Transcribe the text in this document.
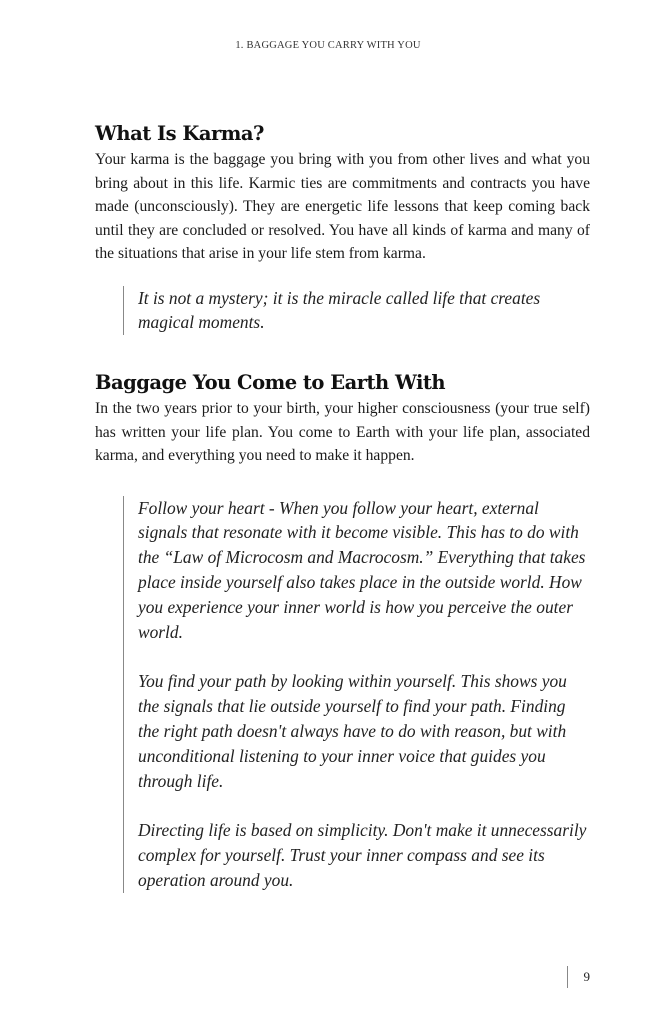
1. BAGGAGE YOU CARRY WITH YOU
What Is Karma?

Your karma is the baggage you bring with you from other lives and what you bring about in this life. Karmic ties are commitments and contracts you have made (unconsciously). They are energetic life lessons that keep coming back until they are concluded or resolved. You have all kinds of karma and many of the situations that arise in your life stem from karma.

It is not a mystery; it is the miracle called life that creates magical moments.

Baggage You Come to Earth With

In the two years prior to your birth, your higher consciousness (your true self) has written your life plan. You come to Earth with your life plan, associated karma, and everything you need to make it happen.

Follow your heart - When you follow your heart, external signals that resonate with it become visible. This has to do with the “Law of Microcosm and Macrocosm.” Everything that takes place inside yourself also takes place in the outside world. How you experience your inner world is how you perceive the outer world.

You find your path by looking within yourself. This shows you the signals that lie outside yourself to find your path. Finding the right path doesn't always have to do with reason, but with unconditional listening to your inner voice that guides you through life.

Directing life is based on simplicity. Don't make it unnecessarily complex for yourself. Trust your inner compass and see its operation around you.

9
